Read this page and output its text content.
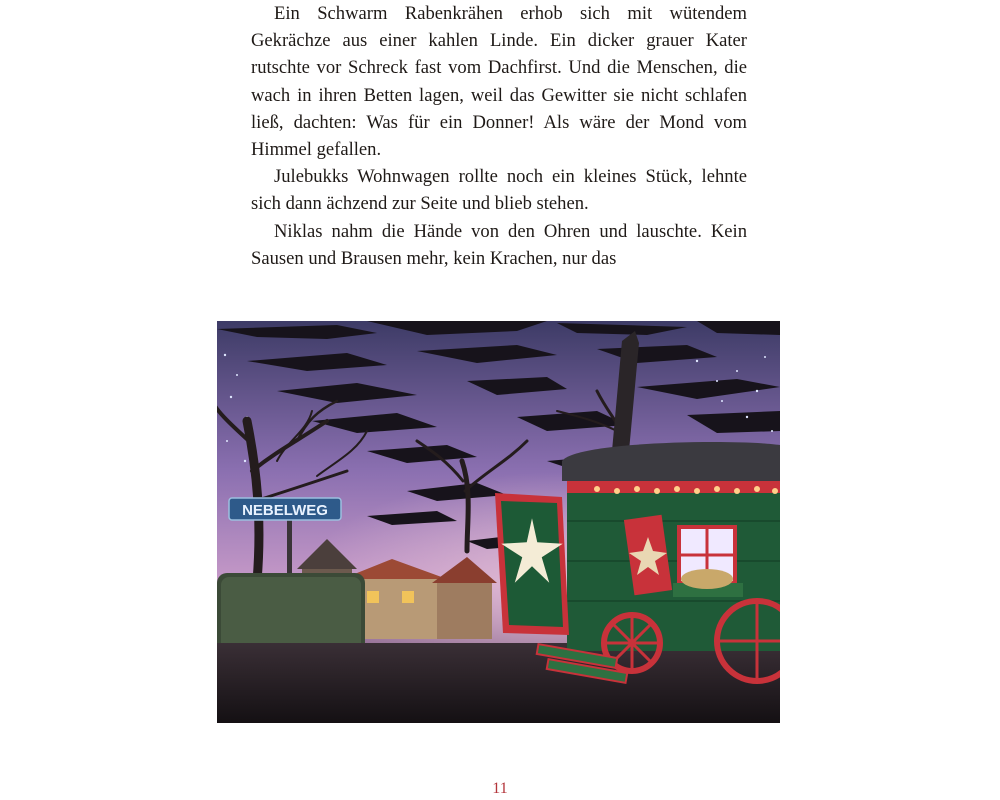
Ein Schwarm Rabenkrähen erhob sich mit wütendem Gekrächze aus einer kahlen Linde. Ein dicker grauer Kater rutschte vor Schreck fast vom Dachfirst. Und die Menschen, die wach in ihren Betten lagen, weil das Gewitter sie nicht schlafen ließ, dachten: Was für ein Donner! Als wäre der Mond vom Himmel gefallen.

Julebukks Wohnwagen rollte noch ein kleines Stück, lehnte sich dann ächzend zur Seite und blieb stehen.

Niklas nahm die Hände von den Ohren und lauschte. Kein Sausen und Brausen mehr, kein Krachen, nur das

NEBELWEG
11
